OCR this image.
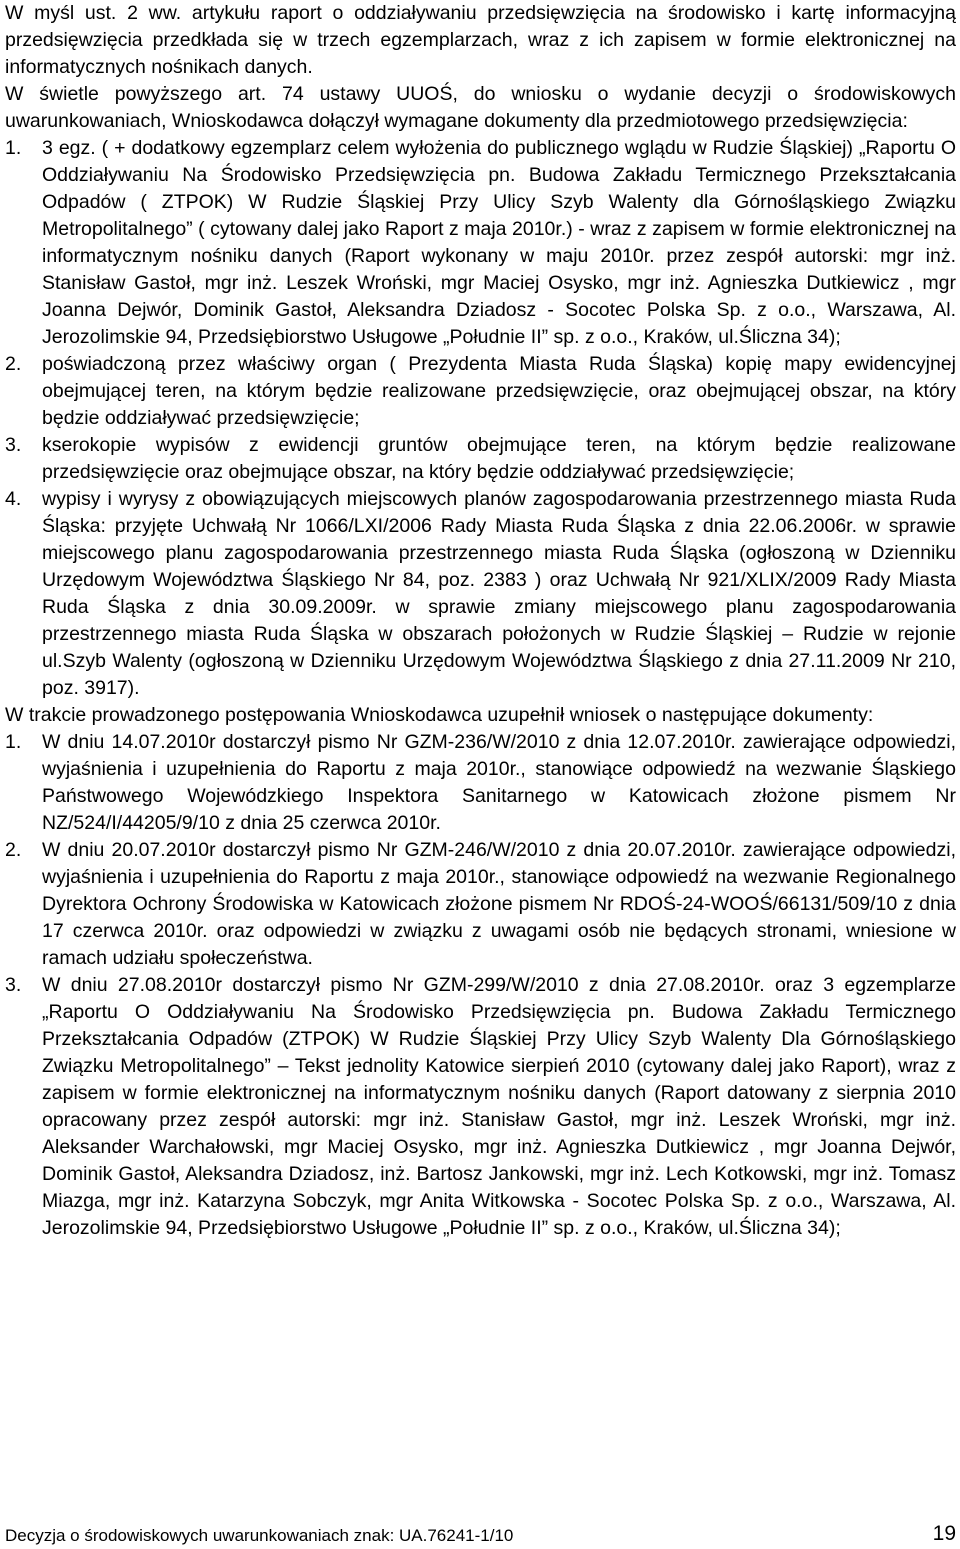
W myśl ust. 2 ww. artykułu raport o oddziaływaniu przedsięwzięcia na środowisko i kartę informacyjną przedsięwzięcia przedkłada się w trzech egzemplarzach, wraz z ich zapisem w formie elektronicznej na informatycznych nośnikach danych.

W świetle powyższego art. 74 ustawy UUOŚ, do wniosku o wydanie decyzji o środowiskowych uwarunkowaniach, Wnioskodawca dołączył wymagane dokumenty dla przedmiotowego przedsięwzięcia:

1.	3 egz. ( + dodatkowy egzemplarz celem wyłożenia do publicznego wglądu w Rudzie Śląskiej) „Raportu O Oddziaływaniu Na Środowisko Przedsięwzięcia pn. Budowa Zakładu Termicznego Przekształcania Odpadów ( ZTPOK) W Rudzie Śląskiej Przy Ulicy Szyb Walenty dla Górnośląskiego Związku Metropolitalnego” ( cytowany dalej jako Raport z maja 2010r.) - wraz z zapisem w formie elektronicznej na informatycznym nośniku danych (Raport wykonany w maju 2010r. przez zespół autorski: mgr inż. Stanisław Gastoł, mgr inż. Leszek Wroński, mgr Maciej Osysko, mgr inż. Agnieszka Dutkiewicz , mgr Joanna Dejwór, Dominik Gastoł, Aleksandra Dziadosz - Socotec Polska Sp. z o.o., Warszawa, Al. Jerozolimskie 94, Przedsiębiorstwo Usługowe „Południe II” sp. z o.o., Kraków, ul.Śliczna 34);
2.	poświadczoną przez właściwy organ ( Prezydenta Miasta Ruda Śląska) kopię mapy ewidencyjnej obejmującej teren, na którym będzie realizowane przedsięwzięcie, oraz obejmującej obszar, na który będzie oddziaływać przedsięwzięcie;
3.	kserokopie wypisów z ewidencji gruntów obejmujące teren, na którym będzie realizowane przedsięwzięcie oraz obejmujące obszar, na który będzie oddziaływać przedsięwzięcie;
4.	wypisy i wyrysy z obowiązujących miejscowych planów zagospodarowania przestrzennego miasta Ruda Śląska: przyjęte Uchwałą Nr 1066/LXI/2006 Rady Miasta Ruda Śląska z dnia 22.06.2006r. w sprawie miejscowego planu zagospodarowania przestrzennego miasta Ruda Śląska (ogłoszoną w Dzienniku Urzędowym Województwa Śląskiego Nr 84, poz. 2383 ) oraz Uchwałą Nr 921/XLIX/2009 Rady Miasta Ruda Śląska z dnia 30.09.2009r. w sprawie zmiany miejscowego planu zagospodarowania przestrzennego miasta Ruda Śląska w obszarach położonych w Rudzie Śląskiej – Rudzie w rejonie ul.Szyb Walenty (ogłoszoną w Dzienniku Urzędowym Województwa Śląskiego z dnia 27.11.2009 Nr 210, poz. 3917).

W trakcie prowadzonego postępowania Wnioskodawca uzupełnił wniosek o następujące dokumenty:

1.	W dniu 14.07.2010r dostarczył pismo Nr GZM-236/W/2010 z dnia 12.07.2010r. zawierające odpowiedzi, wyjaśnienia i uzupełnienia do Raportu z maja 2010r., stanowiące odpowiedź na wezwanie Śląskiego Państwowego Wojewódzkiego Inspektora Sanitarnego w Katowicach złożone pismem Nr NZ/524/I/44205/9/10 z dnia 25 czerwca 2010r.
2.	W dniu 20.07.2010r dostarczył pismo Nr GZM-246/W/2010 z dnia 20.07.2010r. zawierające odpowiedzi, wyjaśnienia i uzupełnienia do Raportu z maja 2010r., stanowiące odpowiedź na wezwanie Regionalnego Dyrektora Ochrony Środowiska w Katowicach złożone pismem Nr RDOŚ-24-WOOŚ/66131/509/10 z dnia 17 czerwca 2010r. oraz odpowiedzi w związku z uwagami osób nie będących stronami, wniesione w ramach udziału społeczeństwa.
3.	W dniu 27.08.2010r dostarczył pismo Nr GZM-299/W/2010 z dnia 27.08.2010r. oraz 3 egzemplarze „Raportu O Oddziaływaniu Na Środowisko Przedsięwzięcia pn. Budowa Zakładu Termicznego Przekształcania Odpadów (ZTPOK) W Rudzie Śląskiej Przy Ulicy Szyb Walenty Dla Górnośląskiego Związku Metropolitalnego” – Tekst jednolity Katowice sierpień 2010 (cytowany dalej jako Raport), wraz z zapisem w formie elektronicznej na informatycznym nośniku danych (Raport datowany z sierpnia 2010 opracowany przez zespół autorski: mgr inż. Stanisław Gastoł, mgr inż. Leszek Wroński, mgr inż. Aleksander Warchałowski, mgr Maciej Osysko, mgr inż. Agnieszka Dutkiewicz , mgr Joanna Dejwór, Dominik Gastoł, Aleksandra Dziadosz, inż. Bartosz Jankowski, mgr inż. Lech Kotkowski, mgr inż. Tomasz Miazga, mgr inż. Katarzyna Sobczyk, mgr Anita Witkowska - Socotec Polska Sp. z o.o., Warszawa, Al. Jerozolimskie 94, Przedsiębiorstwo Usługowe „Południe II” sp. z o.o., Kraków, ul.Śliczna 34);
Decyzja o środowiskowych uwarunkowaniach znak: UA.76241-1/10	19
